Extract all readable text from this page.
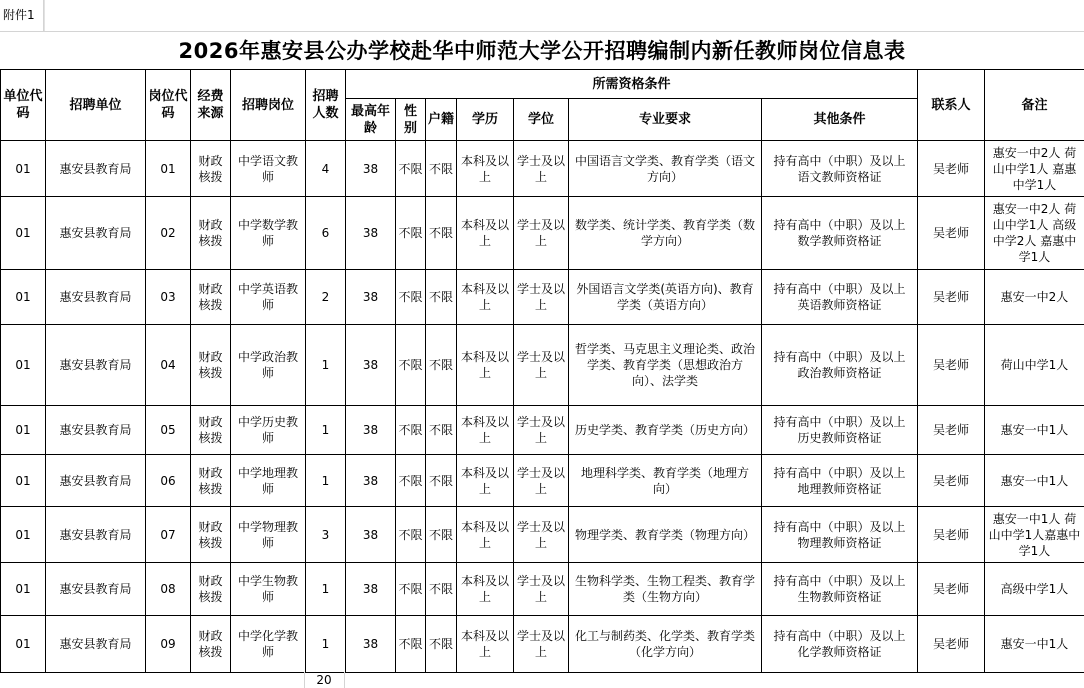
附件1
2026年惠安县公办学校赴华中师范大学公开招聘编制内新任教师岗位信息表
单位代码	招聘单位	岗位代码	经费来源	招聘岗位	招聘人数	所需资格条件							联系人	备注
						最高年龄	性别	户籍	学历	学位	专业要求	其他条件		
01	惠安县教育局	01	财政核拨	中学语文教师	4	38	不限	不限	本科及以上	学士及以上	中国语言文学类、教育学类（语文方向）	持有高中（中职）及以上语文教师资格证	吴老师	惠安一中2人 荷山中学1人 嘉惠中学1人
01	惠安县教育局	02	财政核拨	中学数学教师	6	38	不限	不限	本科及以上	学士及以上	数学类、统计学类、教育学类（数学方向）	持有高中（中职）及以上数学教师资格证	吴老师	惠安一中2人 荷山中学1人 高级中学2人 嘉惠中学1人
01	惠安县教育局	03	财政核拨	中学英语教师	2	38	不限	不限	本科及以上	学士及以上	外国语言文学类(英语方向)、教育学类（英语方向）	持有高中（中职）及以上英语教师资格证	吴老师	惠安一中2人
01	惠安县教育局	04	财政核拨	中学政治教师	1	38	不限	不限	本科及以上	学士及以上	哲学类、马克思主义理论类、政治学类、教育学类（思想政治方向）、法学类	持有高中（中职）及以上政治教师资格证	吴老师	荷山中学1人
01	惠安县教育局	05	财政核拨	中学历史教师	1	38	不限	不限	本科及以上	学士及以上	历史学类、教育学类（历史方向）	持有高中（中职）及以上历史教师资格证	吴老师	惠安一中1人
01	惠安县教育局	06	财政核拨	中学地理教师	1	38	不限	不限	本科及以上	学士及以上	地理科学类、教育学类（地理方向）	持有高中（中职）及以上地理教师资格证	吴老师	惠安一中1人
01	惠安县教育局	07	财政核拨	中学物理教师	3	38	不限	不限	本科及以上	学士及以上	物理学类、教育学类（物理方向）	持有高中（中职）及以上物理教师资格证	吴老师	惠安一中1人 荷山中学1人嘉惠中学1人
01	惠安县教育局	08	财政核拨	中学生物教师	1	38	不限	不限	本科及以上	学士及以上	生物科学类、生物工程类、教育学类（生物方向）	持有高中（中职）及以上生物教师资格证	吴老师	高级中学1人
01	惠安县教育局	09	财政核拨	中学化学教师	1	38	不限	不限	本科及以上	学士及以上	化工与制药类、化学类、教育学类（化学方向）	持有高中（中职）及以上化学教师资格证	吴老师	惠安一中1人
20
